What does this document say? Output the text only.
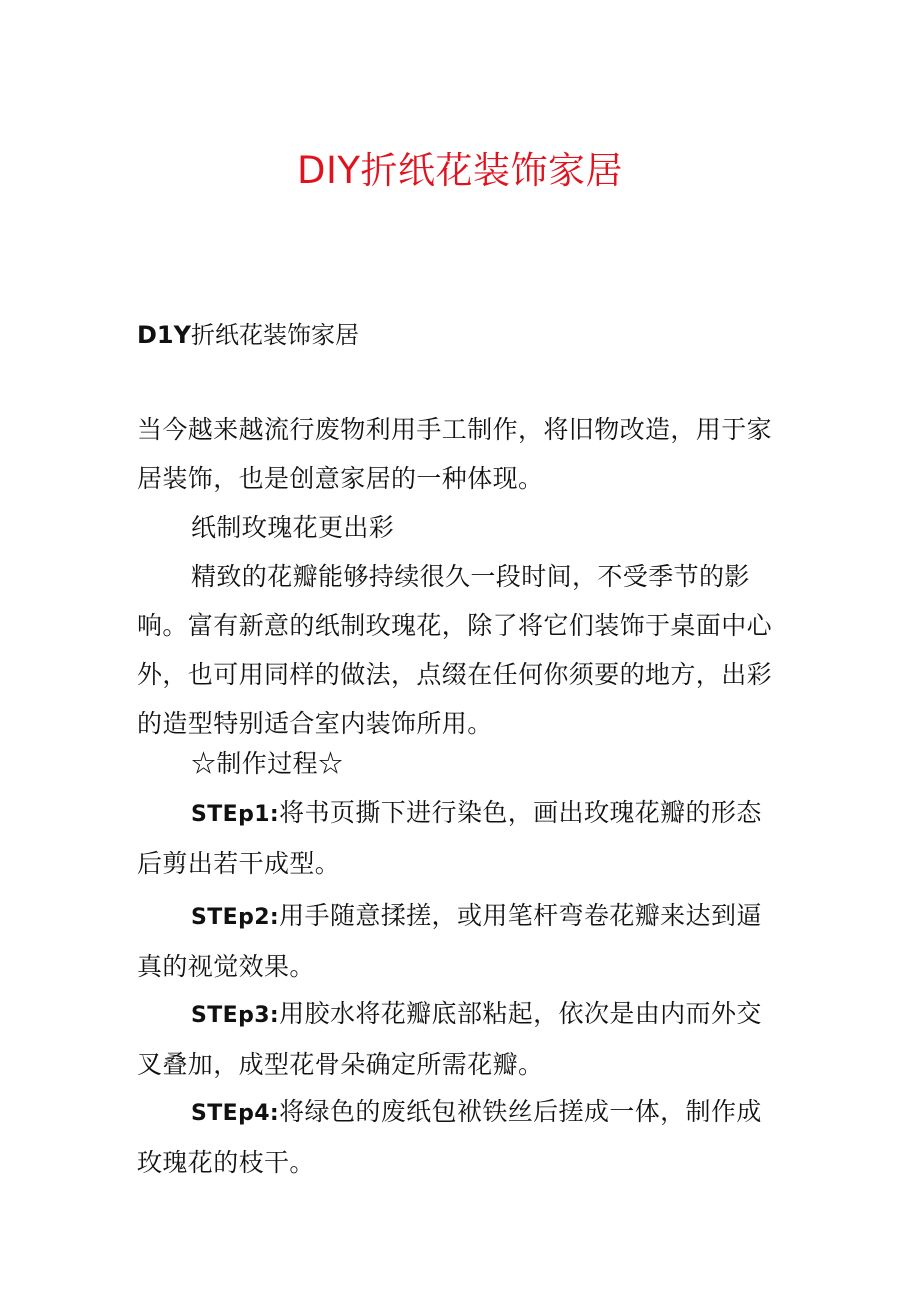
DIY折纸花装饰家居
D1Y折纸花装饰家居

当今越来越流行废物利用手工制作，将旧物改造，用于家居装饰，也是创意家居的一种体现。

纸制玫瑰花更出彩

精致的花瓣能够持续很久一段时间，不受季节的影响。富有新意的纸制玫瑰花，除了将它们装饰于桌面中心外，也可用同样的做法，点缀在任何你须要的地方，出彩的造型特别适合室内装饰所用。

☆制作过程☆

STEp1:将书页撕下进行染色，画出玫瑰花瓣的形态后剪出若干成型。

STEp2:用手随意揉搓，或用笔杆弯卷花瓣来达到逼真的视觉效果。

STEp3:用胶水将花瓣底部粘起，依次是由内而外交叉叠加，成型花骨朵确定所需花瓣。

STEp4:将绿色的废纸包袱铁丝后搓成一体，制作成玫瑰花的枝干。
